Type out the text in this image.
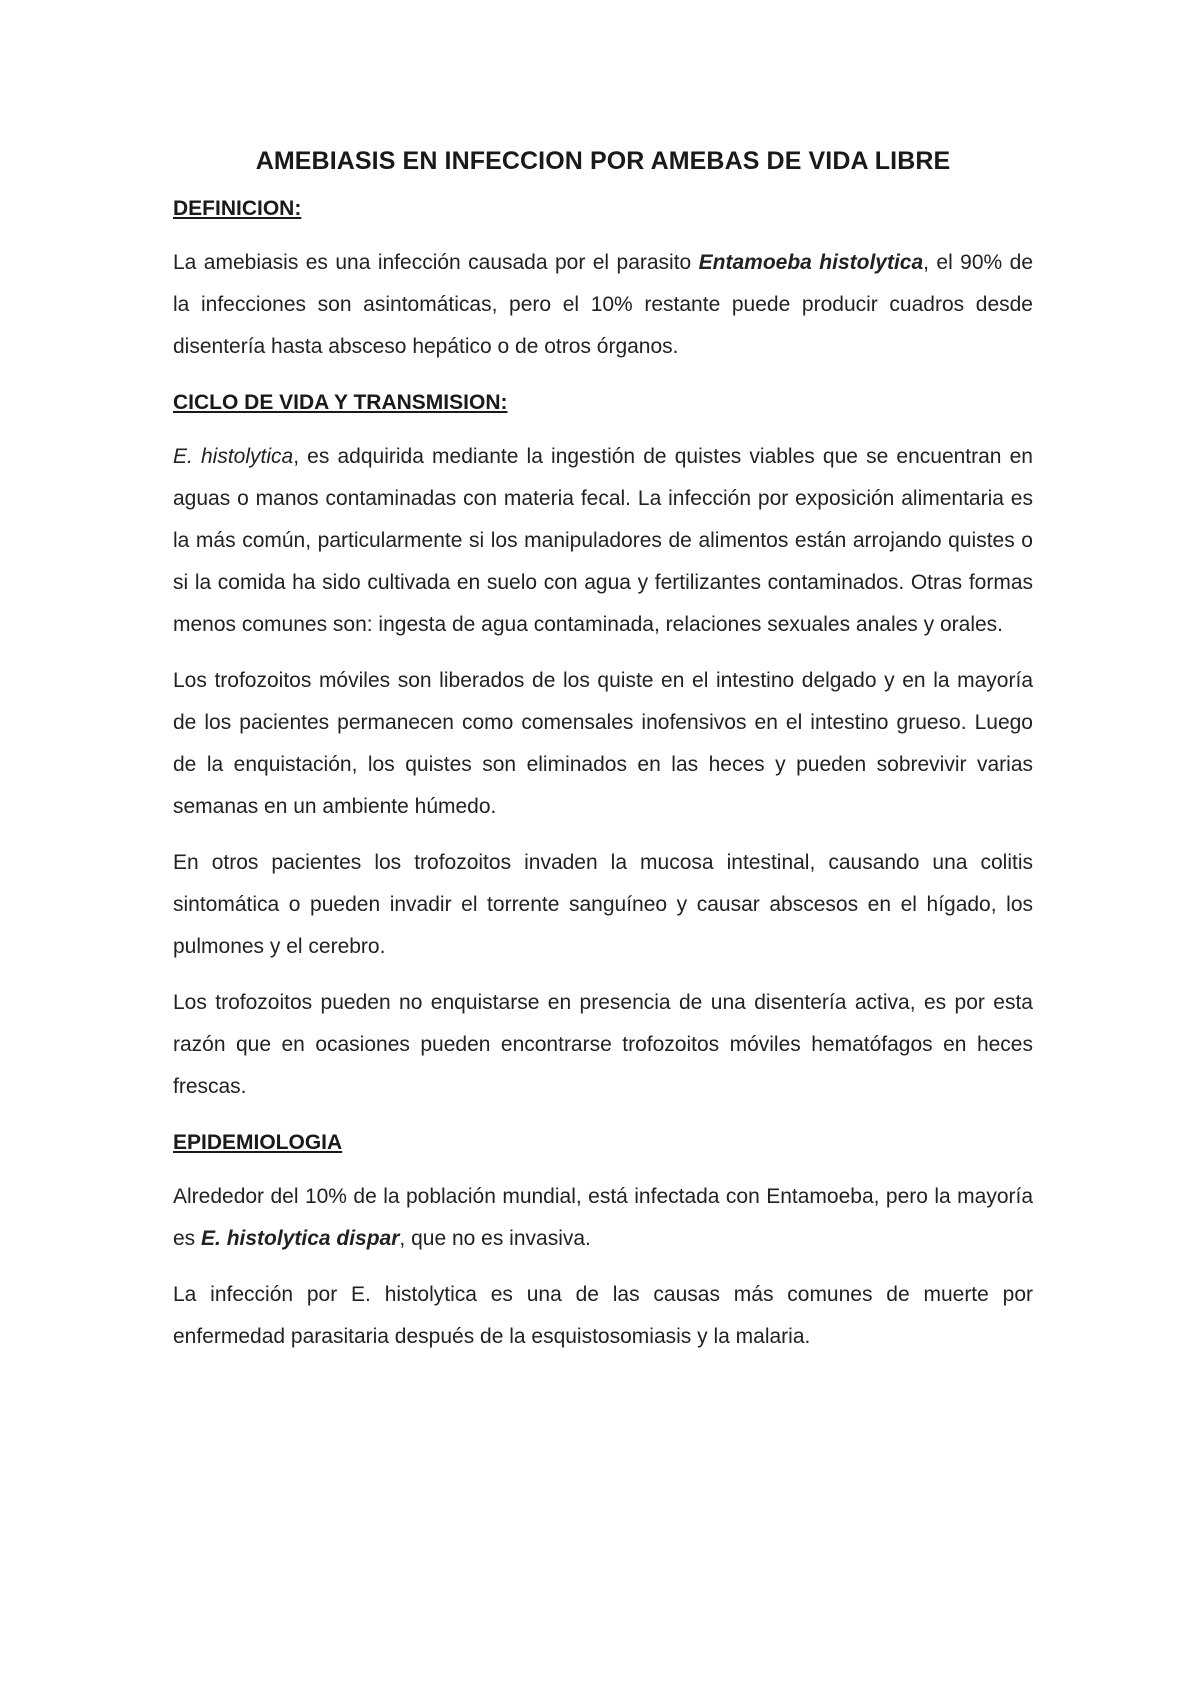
AMEBIASIS EN INFECCION POR AMEBAS DE VIDA LIBRE
DEFINICION:

La amebiasis es una infección causada por el parasito Entamoeba histolytica, el 90% de la infecciones son asintomáticas, pero el 10% restante puede producir cuadros desde disentería hasta absceso hepático o de otros órganos.

CICLO DE VIDA Y TRANSMISION:

E. histolytica, es adquirida mediante la ingestión de quistes viables que se encuentran en aguas o manos contaminadas con materia fecal. La infección por exposición alimentaria es la más común, particularmente si los manipuladores de alimentos están arrojando quistes o si la comida ha sido cultivada en suelo con agua y fertilizantes contaminados. Otras formas menos comunes son: ingesta de agua contaminada, relaciones sexuales anales y orales.

Los trofozoitos móviles son liberados de los quiste en el intestino delgado y en la mayoría de los pacientes permanecen como comensales inofensivos en el intestino grueso. Luego de la enquistación, los quistes son eliminados en las heces y pueden sobrevivir varias semanas en un ambiente húmedo.

En otros pacientes los trofozoitos invaden la mucosa intestinal, causando una colitis sintomática o pueden invadir el torrente sanguíneo y causar abscesos en el hígado, los pulmones y el cerebro.

Los trofozoitos pueden no enquistarse en presencia de una disentería activa, es por esta razón que en ocasiones pueden encontrarse trofozoitos móviles hematófagos en heces frescas.

EPIDEMIOLOGIA

Alrededor del 10% de la población mundial, está infectada con Entamoeba, pero la mayoría es E. histolytica dispar, que no es invasiva.

La infección por E. histolytica es una de las causas más comunes de muerte por enfermedad parasitaria después de la esquistosomiasis y la malaria.
